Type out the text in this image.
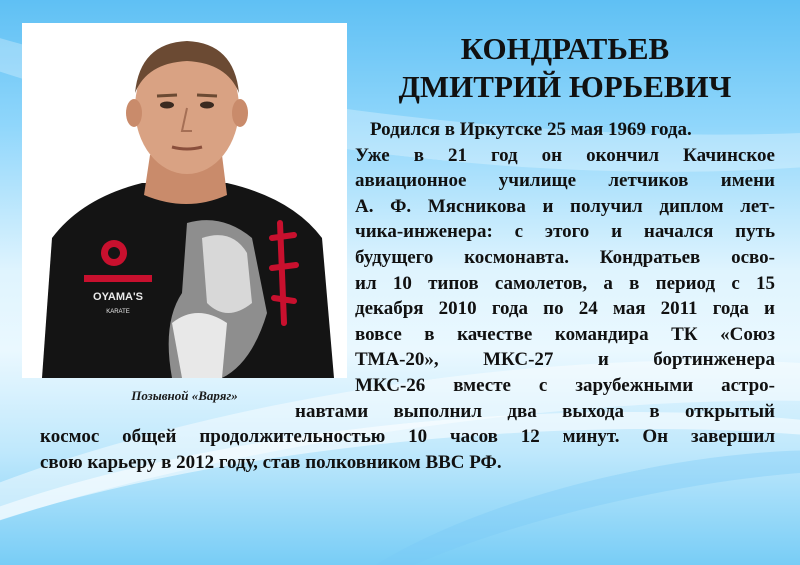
OYAMA'S
KARATE
Позывной «Варяг»
КОНДРАТЬЕВ
ДМИТРИЙ ЮРЬЕВИЧ
Родился в Иркутске 25 мая 1969 года.
Уже в 21 год он окончил Качинское
авиационное училище летчиков имени
А. Ф. Мясникова и получил диплом лет-
чика-инженера: с этого и начался путь
будущего космонавта. Кондратьев осво-
ил 10 типов самолетов, а в период с 15
декабря 2010 года по 24 мая 2011 года и
вовсе в качестве командира ТК «Союз
ТМА-20», МКС-27 и бортинженера
МКС-26 вместе с зарубежными астро-
навтами выполнил два выхода в открытый
космос общей продолжительностью 10 часов 12 минут. Он завершил
свою карьеру в 2012 году, став полковником ВВС РФ.
